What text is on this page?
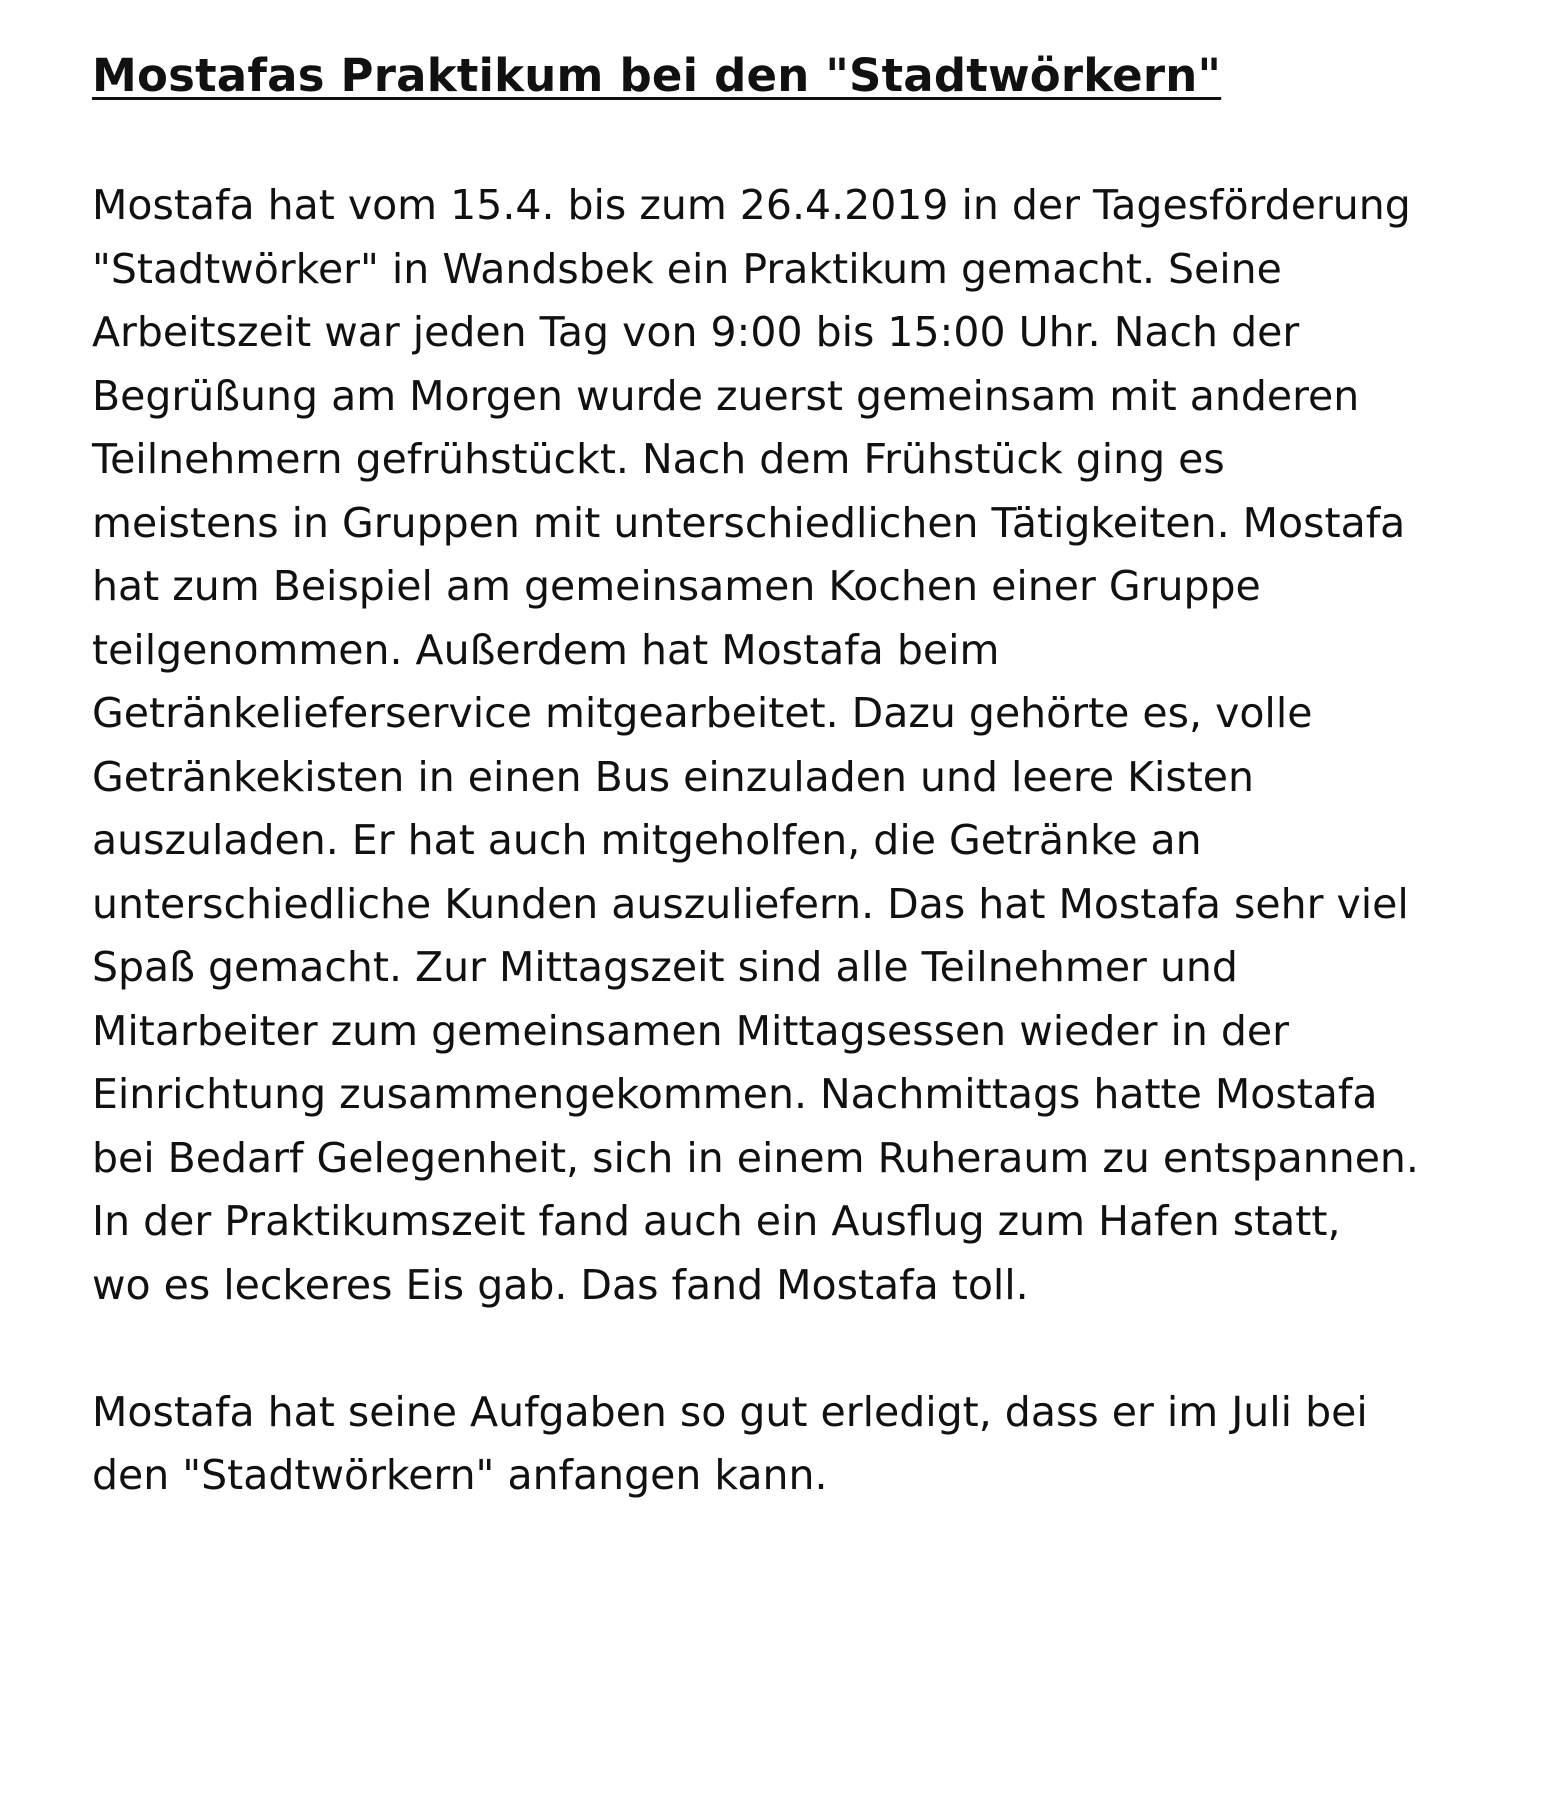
Mostafas Praktikum bei den "Stadtwörkern"
Mostafa hat vom 15.4. bis zum 26.4.2019 in der Tagesförderung
"Stadtwörker" in Wandsbek ein Praktikum gemacht. Seine
Arbeitszeit war jeden Tag von 9:00 bis 15:00 Uhr. Nach der
Begrüßung am Morgen wurde zuerst gemeinsam mit anderen
Teilnehmern gefrühstückt. Nach dem Frühstück ging es
meistens in Gruppen mit unterschiedlichen Tätigkeiten. Mostafa
hat zum Beispiel am gemeinsamen Kochen einer Gruppe
teilgenommen. Außerdem hat Mostafa beim
Getränkelieferservice mitgearbeitet. Dazu gehörte es, volle
Getränkekisten in einen Bus einzuladen und leere Kisten
auszuladen. Er hat auch mitgeholfen, die Getränke an
unterschiedliche Kunden auszuliefern. Das hat Mostafa sehr viel
Spaß gemacht. Zur Mittagszeit sind alle Teilnehmer und
Mitarbeiter zum gemeinsamen Mittagsessen wieder in der
Einrichtung zusammengekommen. Nachmittags hatte Mostafa
bei Bedarf Gelegenheit, sich in einem Ruheraum zu entspannen.
In der Praktikumszeit fand auch ein Ausflug zum Hafen statt,
wo es leckeres Eis gab. Das fand Mostafa toll.
Mostafa hat seine Aufgaben so gut erledigt, dass er im Juli bei
den "Stadtwörkern" anfangen kann.
